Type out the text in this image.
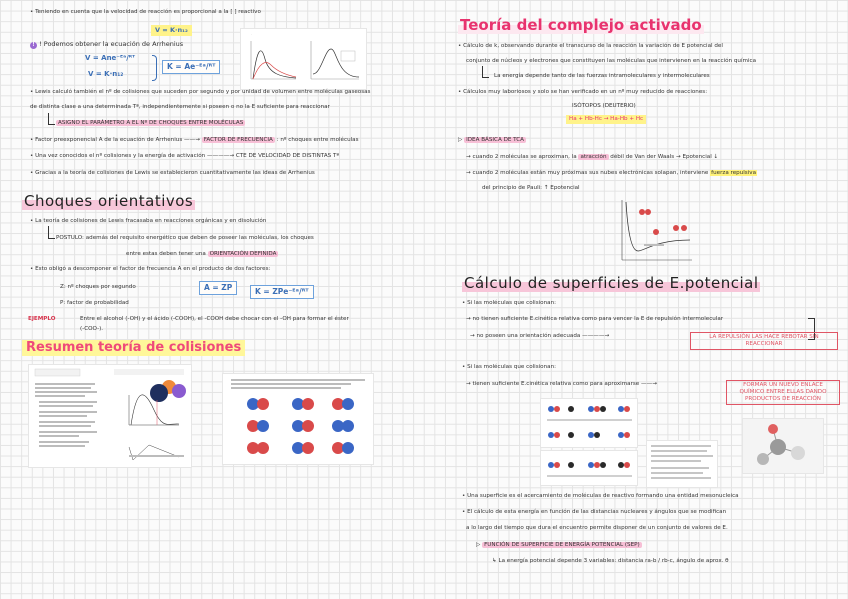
• Teniendo en cuenta que la velocidad de reacción es proporcional a la [ ] reactivo
V = K·n₁₂
! ! Podemos obtener la ecuación de Arrhenius
V = Ane⁻ᴱᵃ/ᴿᵀ
V = K·n₁₂
K = Ae⁻ᴱᵃ/ᴿᵀ
·
• Lewis calculó también el nº de colisiones que suceden por segundo y por unidad de volumen entre moléculas gaseosas
de distinta clase a una determinada Tª, independientemente si poseen o no la E suficiente para reaccionar
ASIGNO EL PARÁMETRO A EL Nº DE CHOQUES ENTRE MOLÉCULAS
• Factor preexponencial A de la ecuación de Arrhenius ——→ FACTOR DE FRECUENCIA : nº choques entre moléculas
• Una vez conocidos el nº colisiones y la energía de activación ————→ CTE DE VELOCIDAD DE DISTINTAS Tª
• Gracias a la teoría de colisiones de Lewis se establecieron cuantitativamente las ideas de Arrhenius
Choques orientativos
• La teoría de colisiones de Lewis fracasaba en reacciones orgánicas y en disolución
POSTULO: además del requisito energético que deben de poseer las moléculas, los choques
entre estas deben tener una ORIENTACIÓN DEFINIDA
• Esto obligó a descomponer el factor de frecuencia A en el producto de dos factores:
Z: nº choques por segundo
P: factor de probabilidad
A = ZP	K = ZPe⁻ᴱᵃ/ᴿᵀ
EJEMPLO	Entre el alcohol (-OH) y el ácido (-COOH), el -COOH debe chocar con el -OH para formar el éster
(-COO-).
Resumen teoría de colisiones
Teoría del complejo activado
• Cálculo de k, observando durante el transcurso de la reacción la variación de E potencial del
conjunto de núcleos y electrones que constituyen las moléculas que intervienen en la reacción química
La energía depende tanto de las fuerzas intramoleculares y intermoleculares
• Cálculos muy laboriosos y solo se han verificado en un nº muy reducido de reacciones:
ISÓTOPOS (DEUTERIO)
Ha + Hb-Hc → Ha-Hb + Hc
▷ IDEA BÁSICA DE TCA
→ cuando 2 moléculas se aproximan, la atracción débil de Van der Waals → Epotencial ↓
→ cuando 2 moléculas están muy próximas sus nubes electrónicas solapan, interviene fuerza repulsiva
del principio de Pauli: ↑ Epotencial
Cálculo de superficies de E.potencial
• Si las moléculas que colisionan:
→ no tienen suficiente E.cinética relativa como para vencer la E de repulsión intermolecular
→ no poseen una orientación adecuada ————→	LA REPULSIÓN LAS HACE REBOTAR SIN REACCIONAR
• Si las moléculas que colisionan:
→ tienen suficiente E.cinética relativa como para aproximarse ——→	FORMAR UN NUEVO ENLACE QUÍMICO ENTRE ELLAS DANDO PRODUCTOS DE REACCIÓN
• Una superficie es el acercamiento de moléculas de reactivo formando una entidad mesonucleica
• El cálculo de esta energía en función de las distancias nucleares y ángulos que se modifican
a lo largo del tiempo que dura el encuentro permite disponer de un conjunto de valores de E.
▷ FUNCIÓN DE SUPERFICIE DE ENERGÍA POTENCIAL (SEP)
↳ La energía potencial depende 3 variables: distancia ra-b / rb-c, ángulo de aprox. θ
